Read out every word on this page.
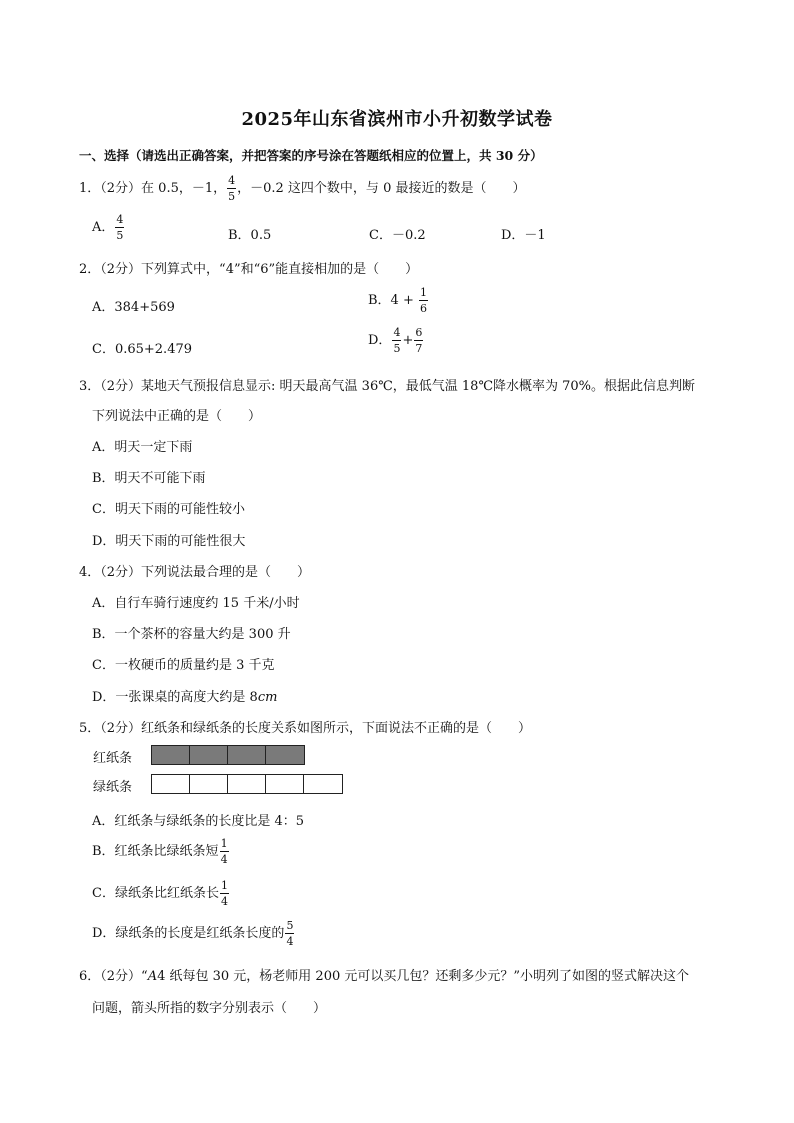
2025年山东省滨州市小升初数学试卷
一、选择（请选出正确答案，并把答案的序号涂在答题纸相应的位置上，共 30 分）
1．（2分）在 0.5，－1， $\frac{4}{5}$ ，－0.2 这四个数中，与 0 最接近的数是（　　）
A． $\frac{4}{5}$	B．0.5	C．－0.2	D．－1
2．（2分）下列算式中，“4”和“6”能直接相加的是（　　）
A．384+569	B．$4 + \frac{1}{6}$
C．0.65+2.479
D． $\frac{4}{5} + \frac{6}{7}$
3．（2分）某地天气预报信息显示: 明天最高气温 36℃，最低气温 18℃降水概率为 70%。根据此信息判断
下列说法中正确的是（　　）
A．明天一定下雨
B．明天不可能下雨
C．明天下雨的可能性较小
D．明天下雨的可能性很大
4．（2分）下列说法最合理的是（　　）
A．自行车骑行速度约 15 千米/小时
B．一个茶杯的容量大约是 300 升
C．一枚硬币的质量约是 3 千克
D．一张课桌的高度大约是 8cm
5．（2分）红纸条和绿纸条的长度关系如图所示，下面说法不正确的是（　　）
红纸条
绿纸条
A．红纸条与绿纸条的长度比是 4：5
B．红纸条比绿纸条短 $\frac{1}{4}$
C．绿纸条比红纸条长 $\frac{1}{4}$
D．绿纸条的长度是红纸条长度的 $\frac{5}{4}$
6．（2分）“A4 纸每包 30 元，杨老师用 200 元可以买几包？还剩多少元？”小明列了如图的竖式解决这个
问题，箭头所指的数字分别表示（　　）
